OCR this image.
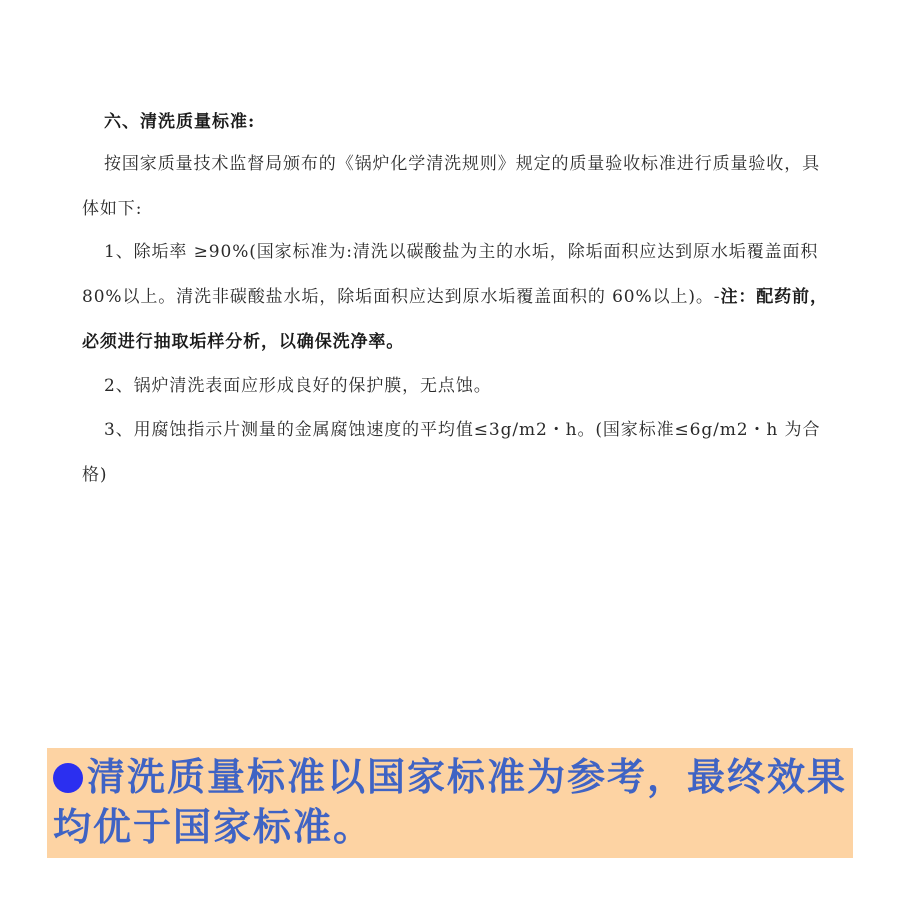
六、清洗质量标准:
按国家质量技术监督局颁布的《锅炉化学清洗规则》规定的质量验收标准进行质量验收，具体如下:
1、除垢率 ≥90%(国家标准为:清洗以碳酸盐为主的水垢，除垢面积应达到原水垢覆盖面积 80%以上。清洗非碳酸盐水垢，除垢面积应达到原水垢覆盖面积的 60%以上)。-注：配药前，必须进行抽取垢样分析，以确保洗净率。
2、锅炉清洗表面应形成良好的保护膜，无点蚀。
3、用腐蚀指示片测量的金属腐蚀速度的平均值≤3g/m2・h。(国家标准≤6g/m2・h 为合格)
清洗质量标准以国家标准为参考，最终效果均优于国家标准。
